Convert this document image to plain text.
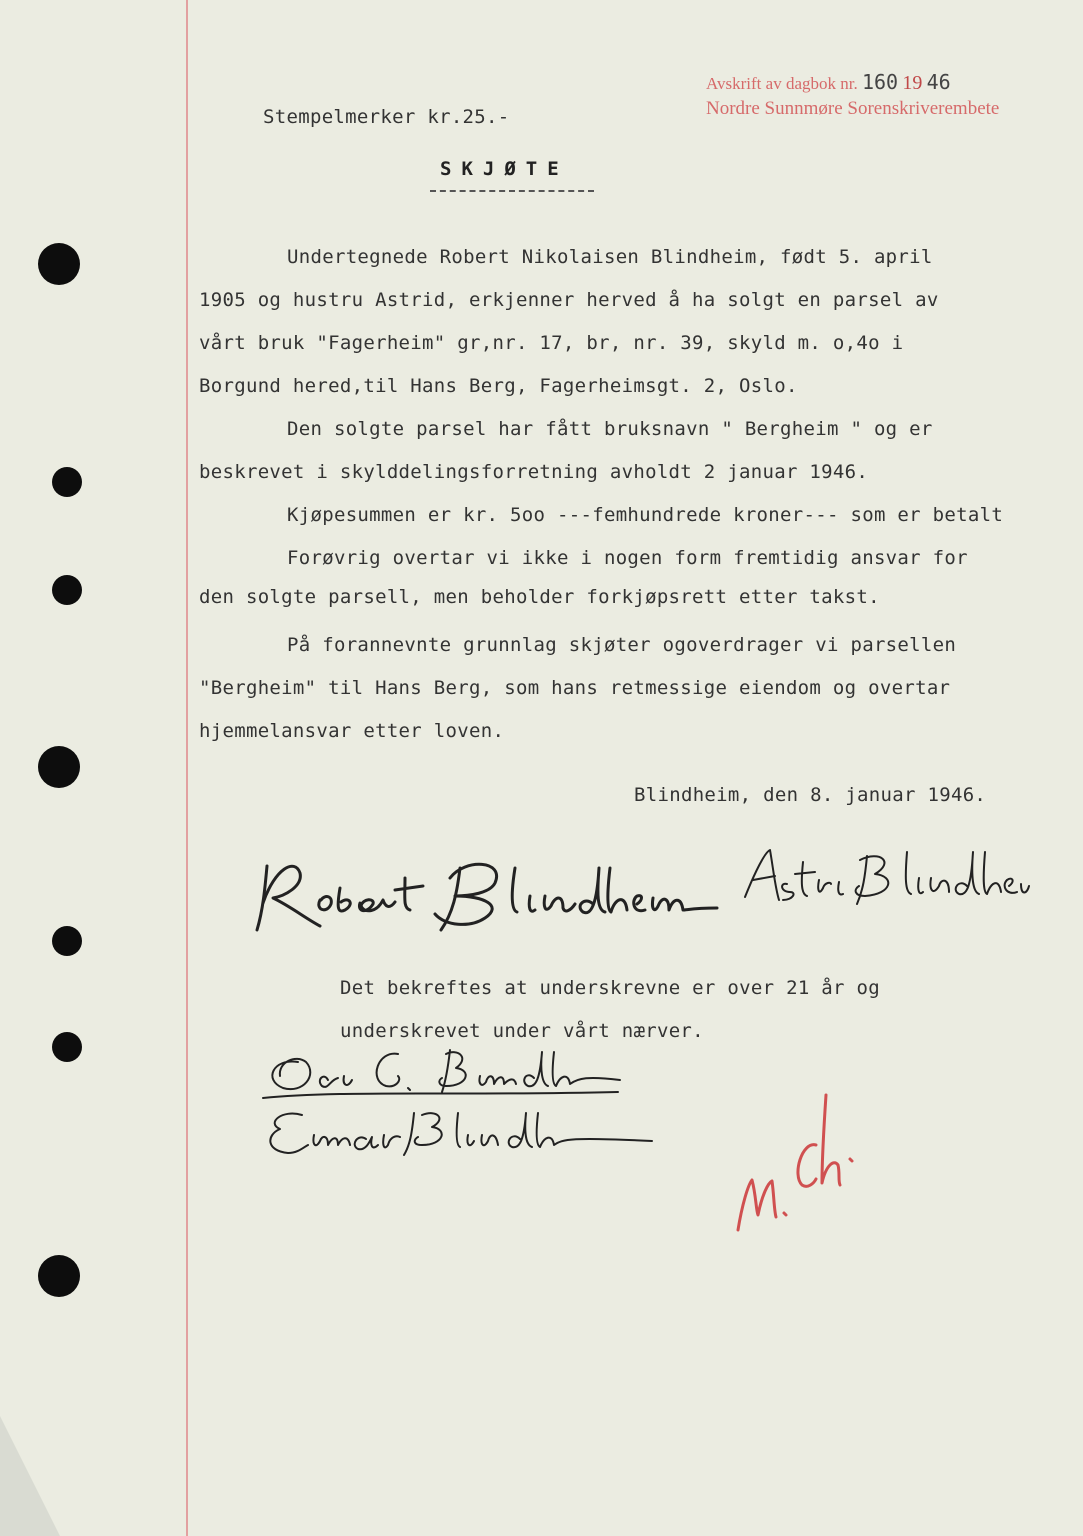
Avskrift av dagbok nr. 160 19 46
Nordre Sunnmøre Sorenskriverembete
Stempelmerker kr.25.-
SKJØTE
Undertegnede Robert Nikolaisen Blindheim, født 5. april
1905 og hustru Astrid, erkjenner herved å ha solgt en parsel av
vårt bruk "Fagerheim" gr,nr. 17, br, nr. 39, skyld m. o,4o i
Borgund hered,til Hans Berg, Fagerheimsgt. 2, Oslo.
Den solgte parsel har fått bruksnavn " Bergheim " og er
beskrevet i skylddelingsforretning avholdt 2 januar 1946.
Kjøpesummen er kr. 5oo ---femhundrede kroner--- som er betalt
Forøvrig overtar vi ikke i nogen form fremtidig ansvar for
den solgte parsell, men beholder forkjøpsrett etter takst.
På forannevnte grunnlag skjøter ogoverdrager vi parsellen
"Bergheim" til Hans Berg, som hans retmessige eiendom og overtar
hjemmelansvar etter loven.
Blindheim, den 8. januar 1946.
Det bekreftes at underskrevne er over 21 år og
underskrevet under vårt nærver.
